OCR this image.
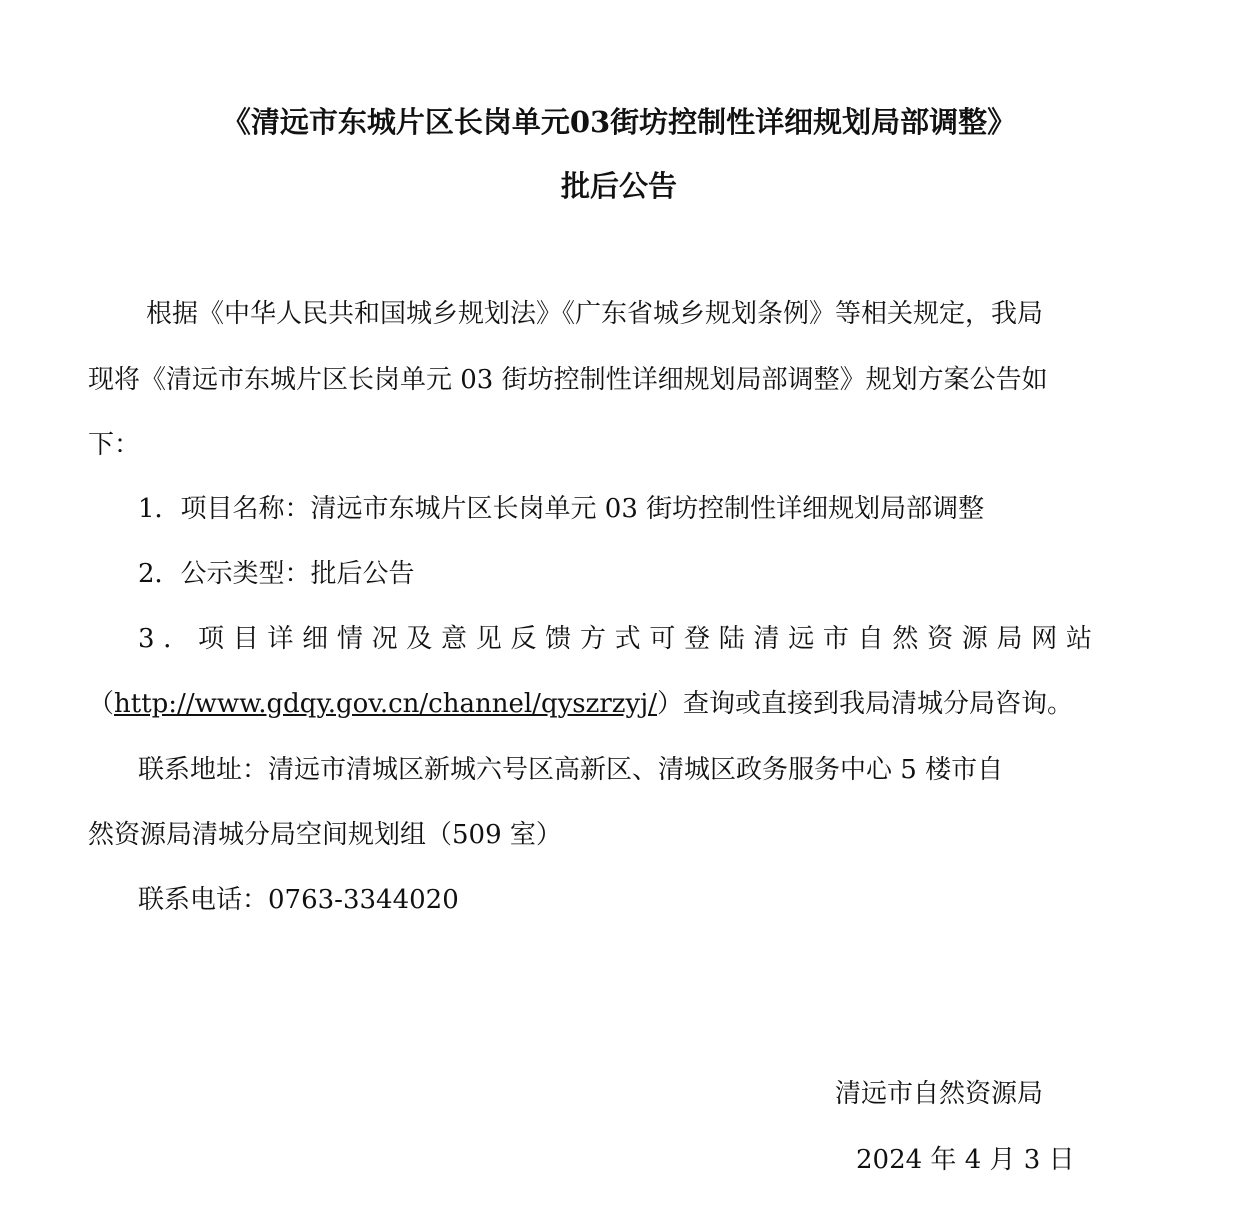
《清远市东城片区长岗单元03街坊控制性详细规划局部调整》
批后公告
根据《中华人民共和国城乡规划法》《广东省城乡规划条例》等相关规定，我局
现将《清远市东城片区长岗单元 03 街坊控制性详细规划局部调整》规划方案公告如
下：
1．项目名称：清远市东城片区长岗单元 03 街坊控制性详细规划局部调整
2．公示类型：批后公告
3 ． 项 目 详 细 情 况 及 意 见 反 馈 方 式 可 登 陆 清 远 市 自 然 资 源 局 网 站
（http://www.gdqy.gov.cn/channel/qyszrzyj/）查询或直接到我局清城分局咨询。
联系地址：清远市清城区新城六号区高新区、清城区政务服务中心 5 楼市自
然资源局清城分局空间规划组（509 室）
联系电话：0763-3344020
清远市自然资源局
2024 年 4 月 3 日
